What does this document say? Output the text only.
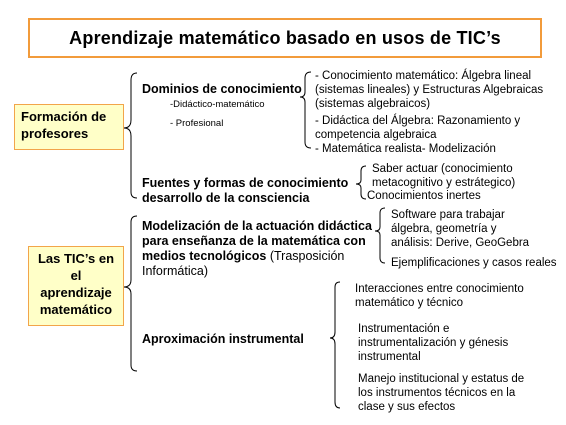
Aprendizaje matemático basado en usos de TIC’s
Formación de
profesores
Las TIC’s en
el
aprendizaje
matemático
Dominios de conocimiento
-Didáctico-matemático
- Profesional
- Conocimiento matemático: Álgebra lineal (sistemas lineales) y Estructuras Algebraicas (sistemas algebraicos)
- Didáctica del Álgebra: Razonamiento y competencia algebraica
- Matemática realista- Modelización
Fuentes y formas de conocimiento desarrollo de la consciencia
Saber actuar (conocimiento metacognitivo y estrátegico)
Conocimientos inertes
Modelización de la actuación didáctica para enseñanza de la matemática con medios tecnológicos (Trasposición Informática)
Software para trabajar álgebra, geometría y análisis: Derive, GeoGebra
Ejemplificaciones y casos reales
Aproximación instrumental
Interacciones entre conocimiento matemático y técnico
Instrumentación e instrumentalización y génesis instrumental
Manejo institucional y estatus de los instrumentos técnicos en la clase y sus efectos
